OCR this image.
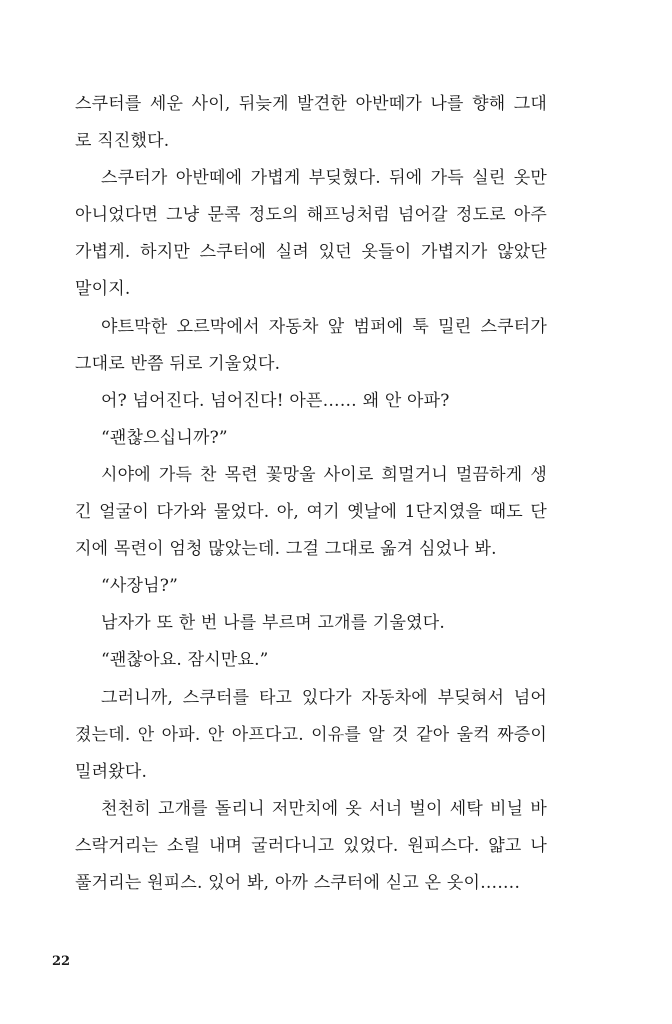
스쿠터를 세운 사이, 뒤늦게 발견한 아반떼가 나를 향해 그대
로 직진했다.
스쿠터가 아반떼에 가볍게 부딪혔다. 뒤에 가득 실린 옷만
아니었다면 그냥 문콕 정도의 해프닝처럼 넘어갈 정도로 아주
가볍게. 하지만 스쿠터에 실려 있던 옷들이 가볍지가 않았단
말이지.
야트막한 오르막에서 자동차 앞 범퍼에 툭 밀린 스쿠터가
그대로 반쯤 뒤로 기울었다.
어? 넘어진다. 넘어진다! 아픈…… 왜 안 아파?
“괜찮으십니까?”
시야에 가득 찬 목련 꽃망울 사이로 희멀거니 멀끔하게 생
긴 얼굴이 다가와 물었다. 아, 여기 옛날에 1단지였을 때도 단
지에 목련이 엄청 많았는데. 그걸 그대로 옮겨 심었나 봐.
“사장님?”
남자가 또 한 번 나를 부르며 고개를 기울였다.
“괜찮아요. 잠시만요.”
그러니까, 스쿠터를 타고 있다가 자동차에 부딪혀서 넘어
졌는데. 안 아파. 안 아프다고. 이유를 알 것 같아 울컥 짜증이
밀려왔다.
천천히 고개를 돌리니 저만치에 옷 서너 벌이 세탁 비닐 바
스락거리는 소릴 내며 굴러다니고 있었다. 원피스다. 얇고 나
풀거리는 원피스. 있어 봐, 아까 스쿠터에 싣고 온 옷이…….
22
